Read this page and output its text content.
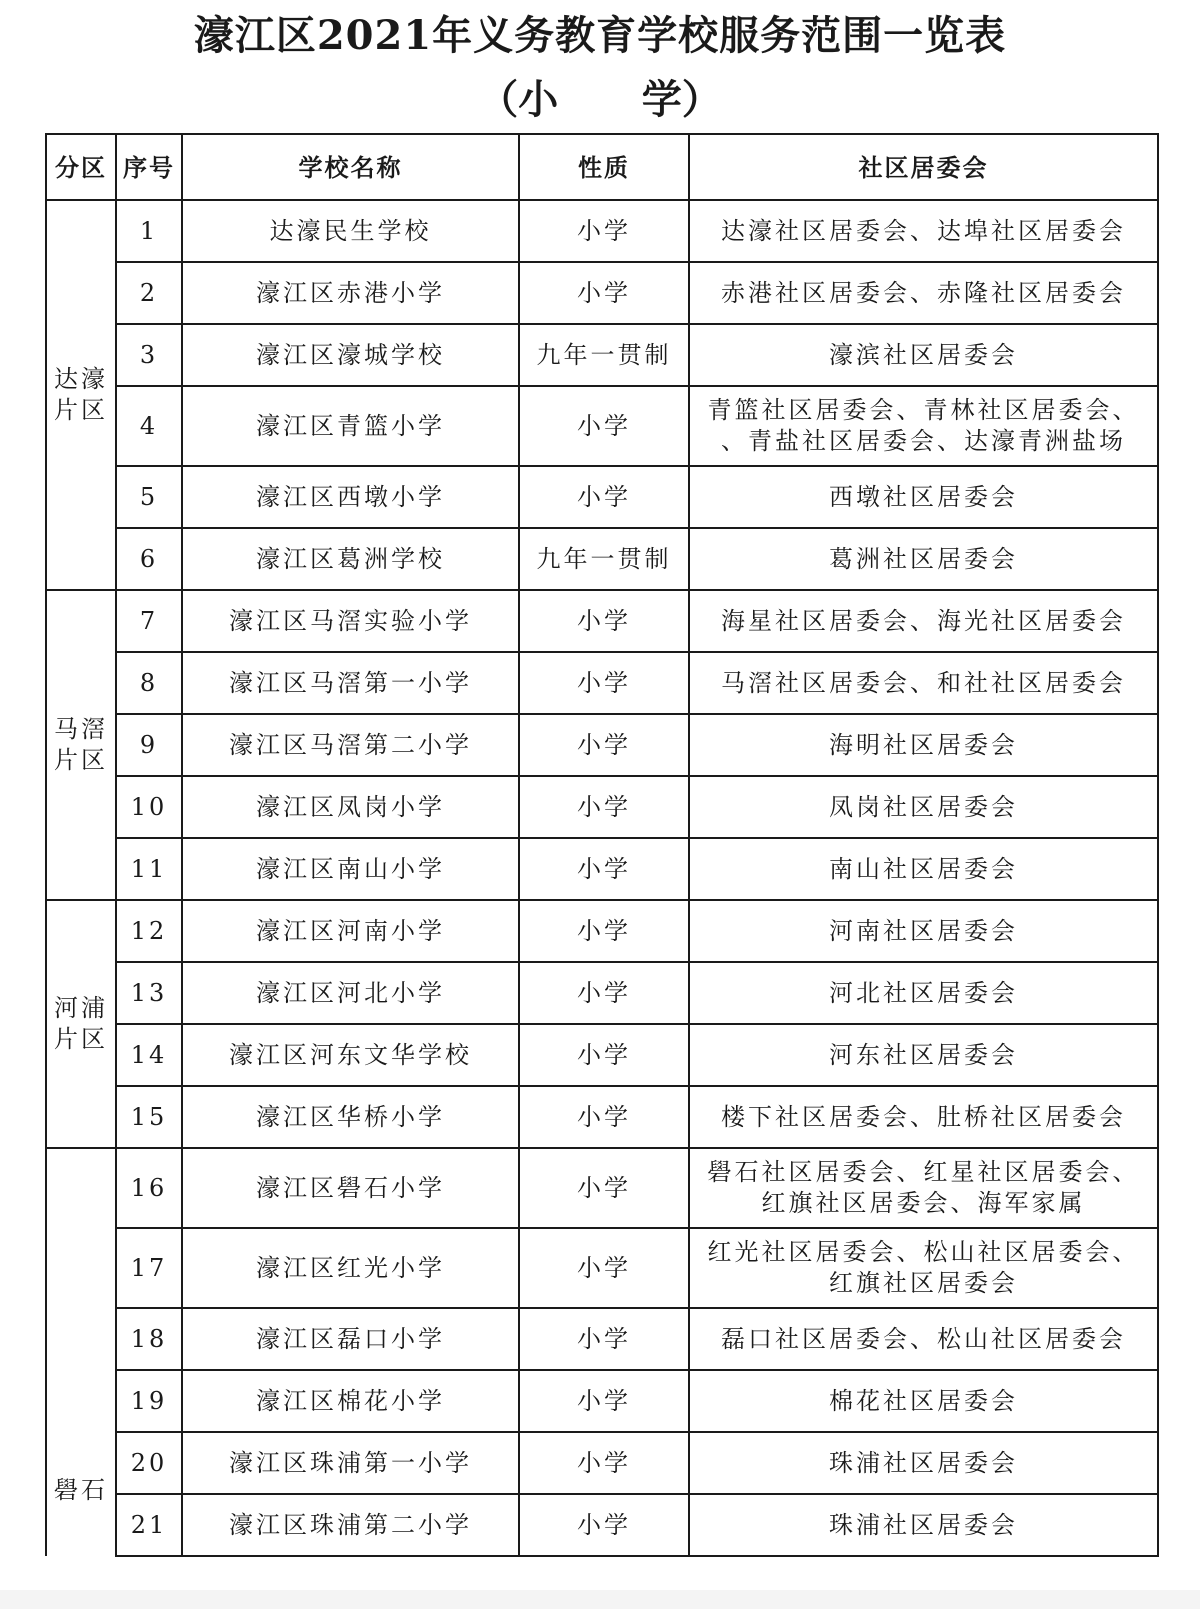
濠江区2021年义务教育学校服务范围一览表
（小      学）
分区	序号	学校名称	性质	社区居委会

达濠
片区	1	达濠民生学校	小学	达濠社区居委会、达埠社区居委会
	2	濠江区赤港小学	小学	赤港社区居委会、赤隆社区居委会
	3	濠江区濠城学校	九年一贯制	濠滨社区居委会
	4	濠江区青篮小学	小学	青篮社区居委会、青林社区居委会、
、青盐社区居委会、达濠青洲盐场
	5	濠江区西墩小学	小学	西墩社区居委会
	6	濠江区葛洲学校	九年一贯制	葛洲社区居委会

马滘
片区	7	濠江区马滘实验小学	小学	海星社区居委会、海光社区居委会
	8	濠江区马滘第一小学	小学	马滘社区居委会、和社社区居委会
	9	濠江区马滘第二小学	小学	海明社区居委会
	10	濠江区凤岗小学	小学	凤岗社区居委会
	11	濠江区南山小学	小学	南山社区居委会

河浦
片区	12	濠江区河南小学	小学	河南社区居委会
	13	濠江区河北小学	小学	河北社区居委会
	14	濠江区河东文华学校	小学	河东社区居委会
	15	濠江区华桥小学	小学	楼下社区居委会、肚桥社区居委会

礐石	16	濠江区礐石小学	小学	礐石社区居委会、红星社区居委会、
红旗社区居委会、海军家属
	17	濠江区红光小学	小学	红光社区居委会、松山社区居委会、
红旗社区居委会
	18	濠江区磊口小学	小学	磊口社区居委会、松山社区居委会
	19	濠江区棉花小学	小学	棉花社区居委会
	20	濠江区珠浦第一小学	小学	珠浦社区居委会
	21	濠江区珠浦第二小学	小学	珠浦社区居委会
